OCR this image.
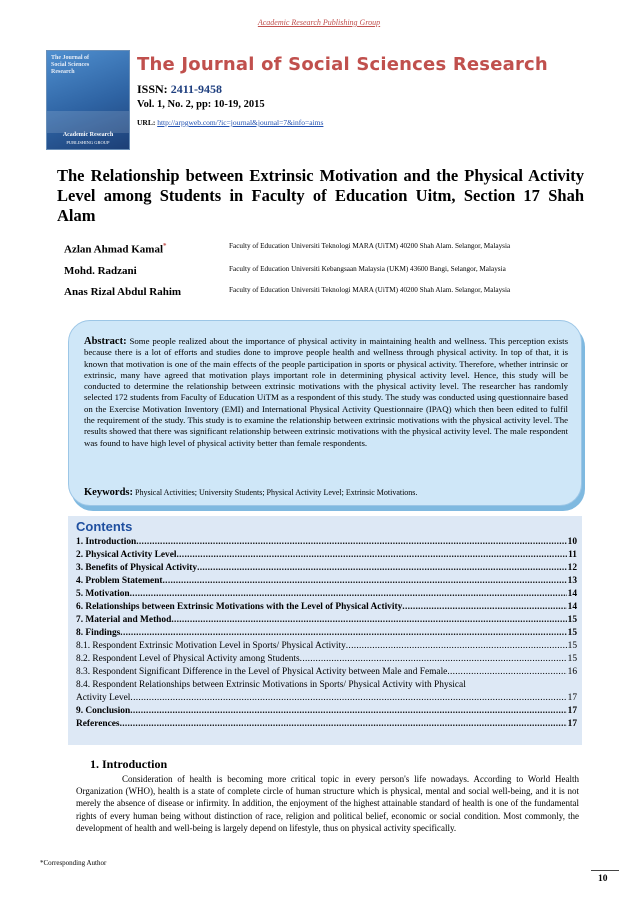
Academic Research Publishing Group
The Journal of Social Sciences Research
Academic Research
PUBLISHING GROUP
The Journal of Social Sciences Research
ISSN: 2411-9458
Vol. 1, No. 2, pp: 10-19, 2015
URL: http://arpgweb.com/?ic=journal&journal=7&info=aims
The Relationship between Extrinsic Motivation and the Physical Activity Level among Students in Faculty of Education Uitm, Section 17 Shah Alam
Azlan Ahmad Kamal*	Faculty of Education Universiti Teknologi MARA (UiTM) 40200 Shah Alam. Selangor, Malaysia
Mohd. Radzani	Faculty of Education Universiti Kebangsaan Malaysia (UKM) 43600 Bangi, Selangor, Malaysia
Anas Rizal Abdul Rahim	Faculty of Education Universiti Teknologi MARA (UiTM) 40200 Shah Alam. Selangor, Malaysia
Abstract: Some people realized about the importance of physical activity in maintaining health and wellness. This perception exists because there is a lot of efforts and studies done to improve people health and wellness through physical activity. In top of that, it is known that motivation is one of the main effects of the people participation in sports or physical activity. Therefore, whether intrinsic or extrinsic, many have agreed that motivation plays important role in determining physical activity level. Hence, this study will be conducted to determine the relationship between extrinsic motivations with the physical activity level. The researcher has randomly selected 172 students from Faculty of Education UiTM as a respondent of this study. The study was conducted using questionnaire based on the Exercise Motivation Inventory (EMI) and International Physical Activity Questionnaire (IPAQ) which then been edited to fulfil the requirement of the study. This study is to examine the relationship between extrinsic motivations with the physical activity level. The results showed that there was significant relationship between extrinsic motivations with the physical activity level. The male respondent was found to have high level of physical activity better than female respondents.
Keywords: Physical Activities; University Students; Physical Activity Level; Extrinsic Motivations.
Contents
1. Introduction .....	10
2. Physical Activity Level .....	11
3. Benefits of Physical Activity .....	12
4. Problem Statement .....	13
5. Motivation .....	14
6. Relationships between Extrinsic Motivations with the Level of Physical Activity .....	14
7. Material and Method .....	15
8. Findings .....	15
8.1. Respondent Extrinsic Motivation Level in Sports/ Physical Activity .....	15
8.2. Respondent Level of Physical Activity among Students .....	15
8.3. Respondent Significant Difference in the Level of Physical Activity between Male and Female .....	16
8.4. Respondent Relationships between Extrinsic Motivations in Sports/ Physical Activity with Physical
Activity Level .....	17
9. Conclusion .....	17
References .....	17
1. Introduction
Consideration of health is becoming more critical topic in every person's life nowadays. According to World Health Organization (WHO), health is a state of complete circle of human structure which is physical, mental and social well-being, and it is not merely the absence of disease or infirmity. In addition, the enjoyment of the highest attainable standard of health is one of the fundamental rights of every human being without distinction of race, religion and political belief, economic or social condition. Most commonly, the development of health and well-being is largely depend on lifestyle, thus on physical activity specifically.
*Corresponding Author
10
